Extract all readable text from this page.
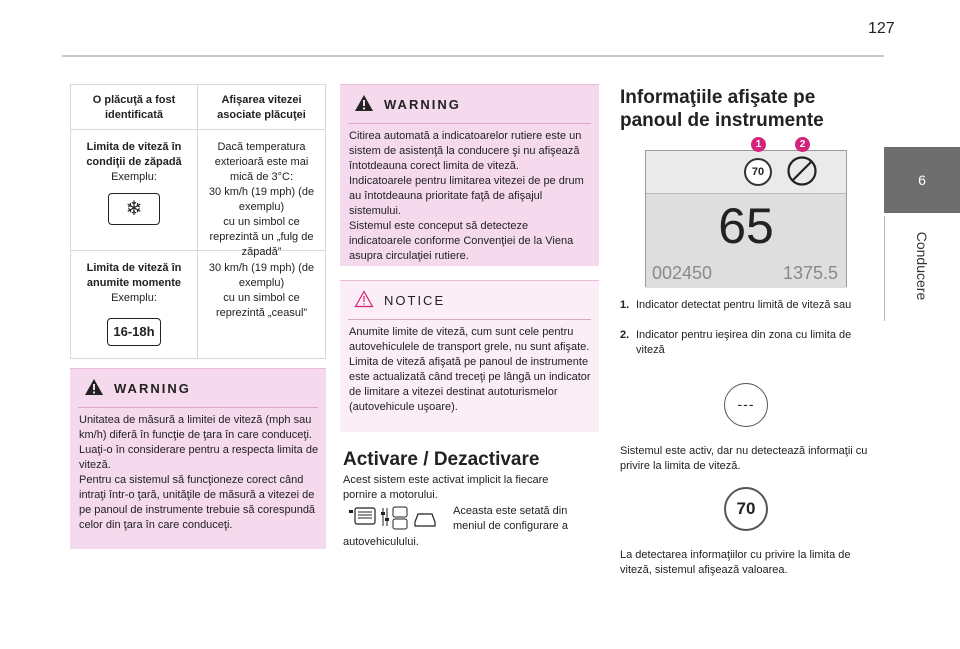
127
6
Conducere
O plăcuţă a fost identificată
Afişarea vitezei asociate plăcuţei
Limita de viteză în condiţii de zăpadă
Exemplu:
❄
Dacă temperatura exterioară este mai mică de 3°C:
30 km/h (19 mph) (de exemplu)
cu un simbol ce reprezintă un „fulg de zăpadă”
Limita de viteză în anumite momente
Exemplu:
16-18h
30 km/h (19 mph) (de exemplu)
cu un simbol ce reprezintă „ceasul”
WARNING
Unitatea de măsură a limitei de viteză (mph sau km/h) diferă în funcţie de ţara în care conduceţi.
Luaţi-o în considerare pentru a respecta limita de viteză.
Pentru ca sistemul să funcţioneze corect când intraţi într-o ţară, unităţile de măsură a vitezei de pe panoul de instrumente trebuie să corespundă celor din ţara în care conduceţi.
WARNING
Citirea automată a indicatoarelor rutiere este un sistem de asistenţă la conducere şi nu afişează întotdeauna corect limita de viteză.
Indicatoarele pentru limitarea vitezei de pe drum au întotdeauna prioritate faţă de afişajul sistemului.
Sistemul este conceput să detecteze indicatoarele conforme Convenţiei de la Viena asupra circulaţiei rutiere.
NOTICE
Anumite limite de viteză, cum sunt cele pentru autovehiculele de transport grele, nu sunt afişate.
Limita de viteză afişată pe panoul de instrumente este actualizată când treceţi pe lângă un indicator de limitare a vitezei destinat autoturismelor (autovehicule uşoare).
Activare / Dezactivare
Acest sistem este activat implicit la fiecare pornire a motorului.
Aceasta este setată din meniul de configurare a
autovehiculului.
Informaţiile afişate pe
panoul de instrumente
70
65
002450	1375.5
1	2
1. Indicator detectat pentru limită de viteză sau
2. Indicator pentru ieşirea din zona cu limita de viteză
---
Sistemul este activ, dar nu detectează informaţii cu privire la limita de viteză.
70
La detectarea informaţiilor cu privire la limita de viteză, sistemul afişează valoarea.
